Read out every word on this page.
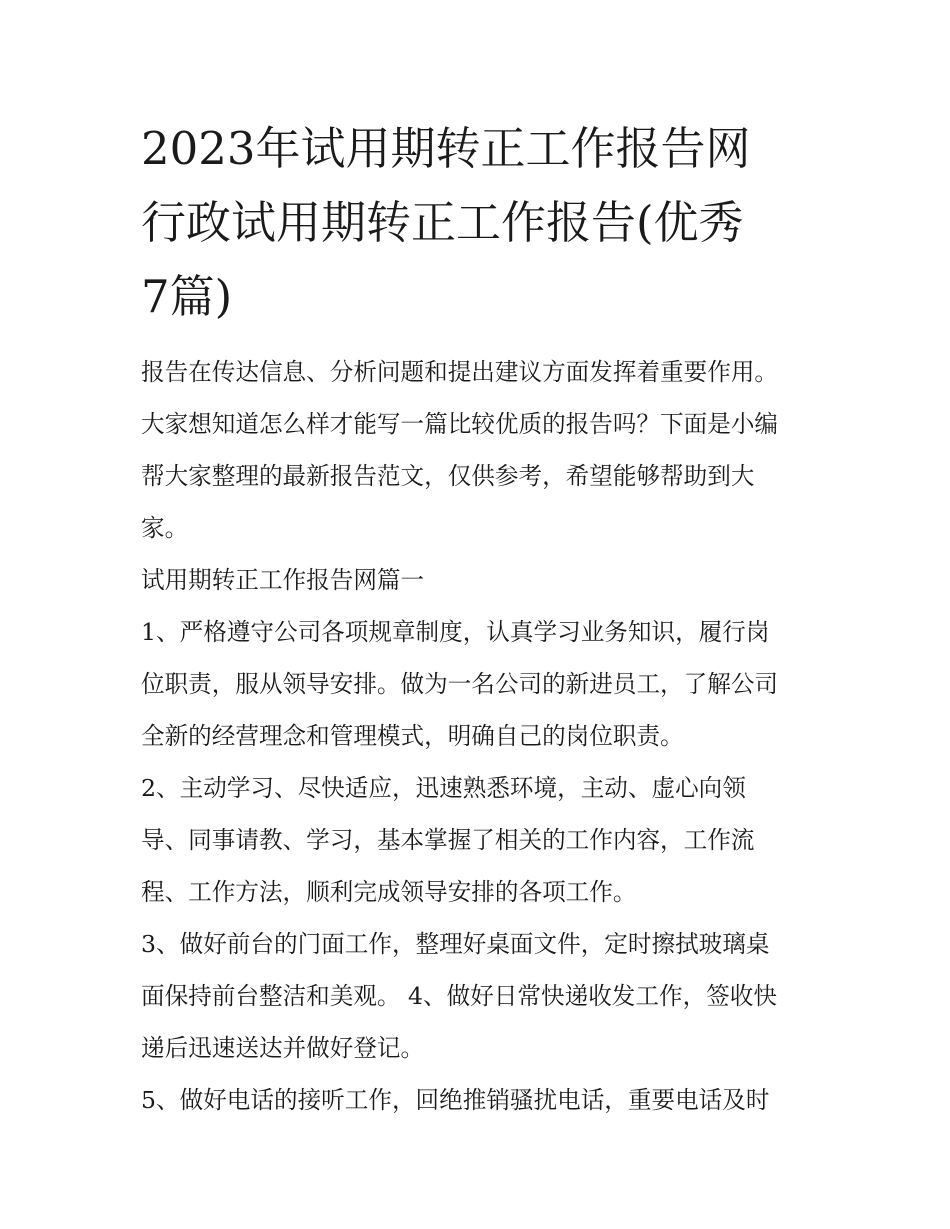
2023年试用期转正工作报告网
行政试用期转正工作报告(优秀
7篇)

报告在传达信息、分析问题和提出建议方面发挥着重要作用。
大家想知道怎么样才能写一篇比较优质的报告吗？下面是小编
帮大家整理的最新报告范文，仅供参考，希望能够帮助到大
家。

试用期转正工作报告网篇一

1、严格遵守公司各项规章制度，认真学习业务知识，履行岗
位职责，服从领导安排。做为一名公司的新进员工，了解公司
全新的经营理念和管理模式，明确自己的岗位职责。

2、主动学习、尽快适应，迅速熟悉环境，主动、虚心向领
导、同事请教、学习，基本掌握了相关的工作内容，工作流
程、工作方法，顺利完成领导安排的各项工作。

3、做好前台的门面工作，整理好桌面文件，定时擦拭玻璃桌
面保持前台整洁和美观。 4、做好日常快递收发工作，签收快
递后迅速送达并做好登记。

5、做好电话的接听工作，回绝推销骚扰电话，重要电话及时
